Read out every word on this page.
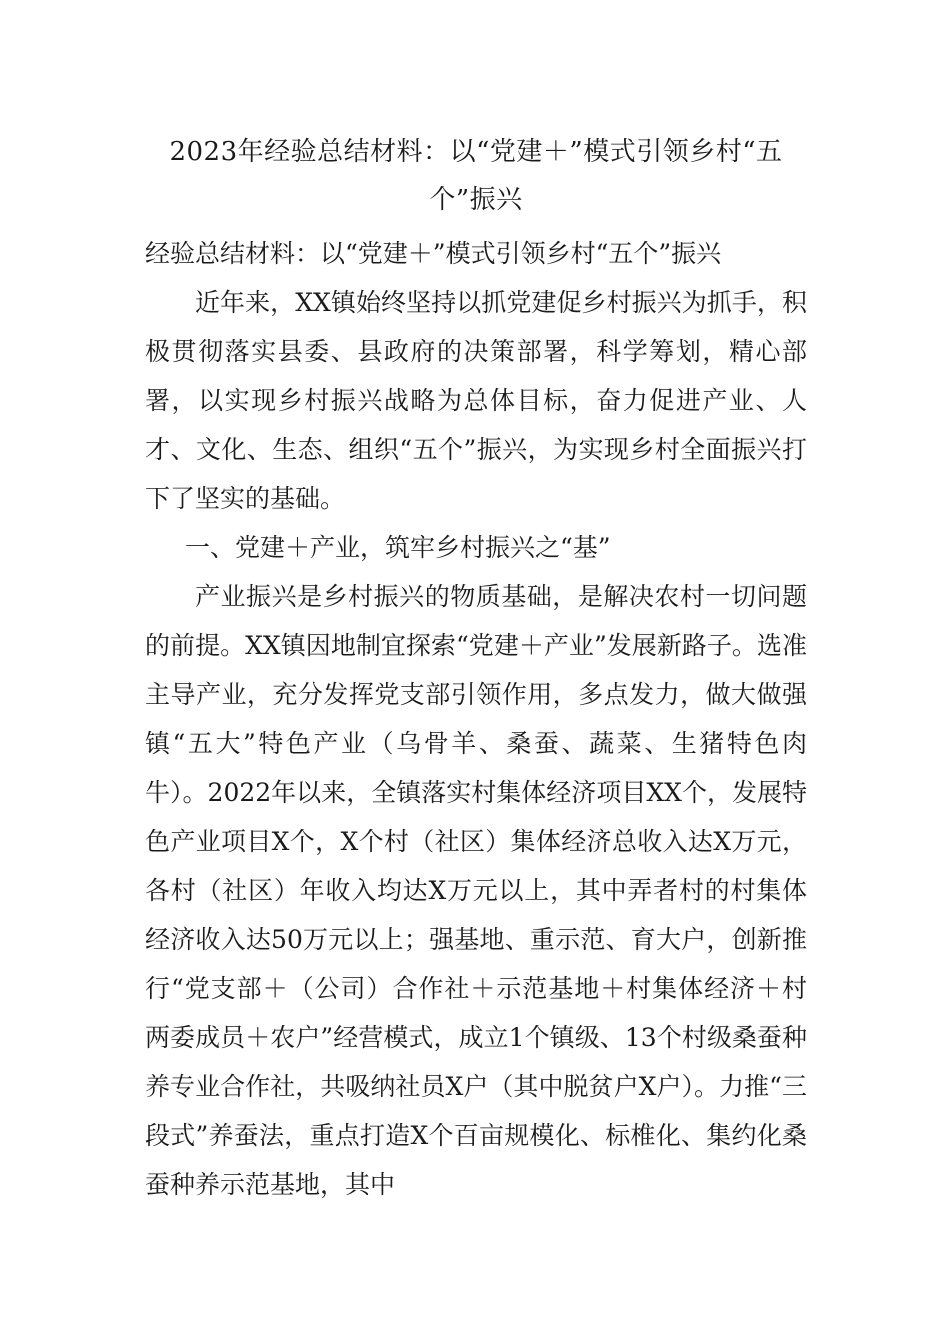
2023年经验总结材料：以“党建＋”模式引领乡村“五个”振兴

经验总结材料：以“党建＋”模式引领乡村“五个”振兴

近年来，XX镇始终坚持以抓党建促乡村振兴为抓手，积极贯彻落实县委、县政府的决策部署，科学筹划，精心部署，以实现乡村振兴战略为总体目标，奋力促进产业、人才、文化、生态、组织“五个”振兴，为实现乡村全面振兴打下了坚实的基础。

一、党建＋产业，筑牢乡村振兴之“基”

产业振兴是乡村振兴的物质基础，是解决农村一切问题的前提。XX镇因地制宜探索“党建＋产业”发展新路子。选准主导产业，充分发挥党支部引领作用，多点发力，做大做强镇“五大”特色产业（乌骨羊、桑蚕、蔬菜、生猪特色肉牛）。2022年以来，全镇落实村集体经济项目XX个，发展特色产业项目X个，X个村（社区）集体经济总收入达X万元，各村（社区）年收入均达X万元以上，其中弄者村的村集体经济收入达50万元以上；强基地、重示范、育大户，创新推行“党支部＋（公司）合作社＋示范基地＋村集体经济＋村两委成员＋农户”经营模式，成立1个镇级、13个村级桑蚕种养专业合作社，共吸纳社员X户（其中脱贫户X户）。力推“三段式”养蚕法，重点打造X个百亩规模化、标椎化、集约化桑蚕种养示范基地，其中
